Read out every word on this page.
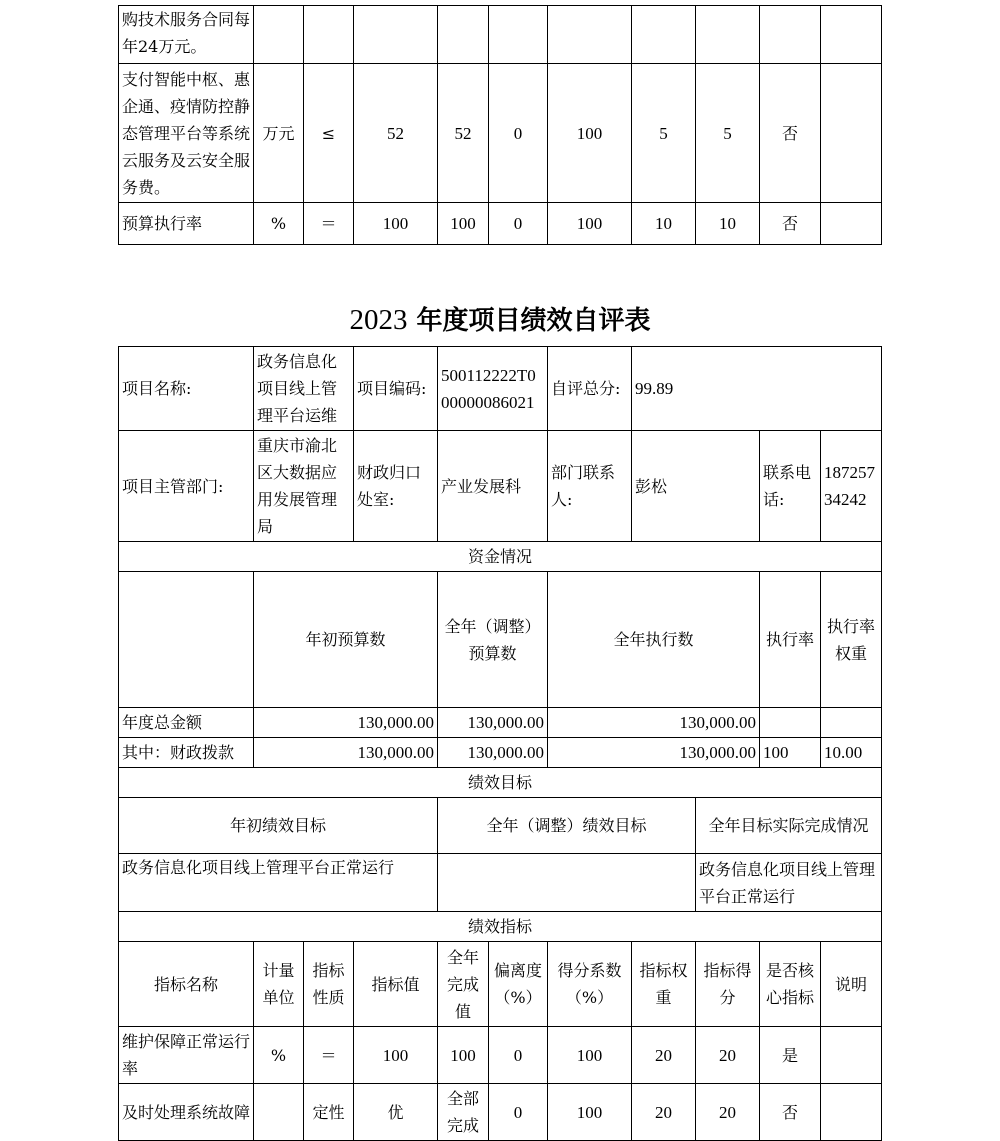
购技术服务合同每年24万元。										
支付智能中枢、惠企通、疫情防控静态管理平台等系统云服务及云安全服务费。	万元	≤	52	52	0	100	5	5	否	
预算执行率	%	＝	100	100	0	100	10	10	否	
2023 年度项目绩效自评表
项目名称:	政务信息化项目线上管理平台运维		项目编码:	500112222T000000086021		自评总分:	99.89				
项目主管部门:	重庆市渝北区大数据应用发展管理局		财政归口处室:	产业发展科		部门联系人:	彭松		联系电话:	18725734242	
资金情况											
	年初预算数			全年（调整）预算数		全年执行数			执行率	执行率权重	
年度总金额	130,000.00			130,000.00		130,000.00					
其中：财政拨款	130,000.00			130,000.00		130,000.00			100	10.00	
绩效目标											
年初绩效目标				全年（调整）绩效目标				全年目标实际完成情况			
政务信息化项目线上管理平台正常运行								政务信息化项目线上管理平台正常运行			
绩效指标											
指标名称	计量单位	指标性质	指标值	全年完成值	偏离度（%）	得分系数（%）	指标权重	指标得分	是否核心指标	说明	
维护保障正常运行率	%	＝	100	100	0	100	20	20	是		
及时处理系统故障		定性	优	全部完成	0	100	20	20	否		
